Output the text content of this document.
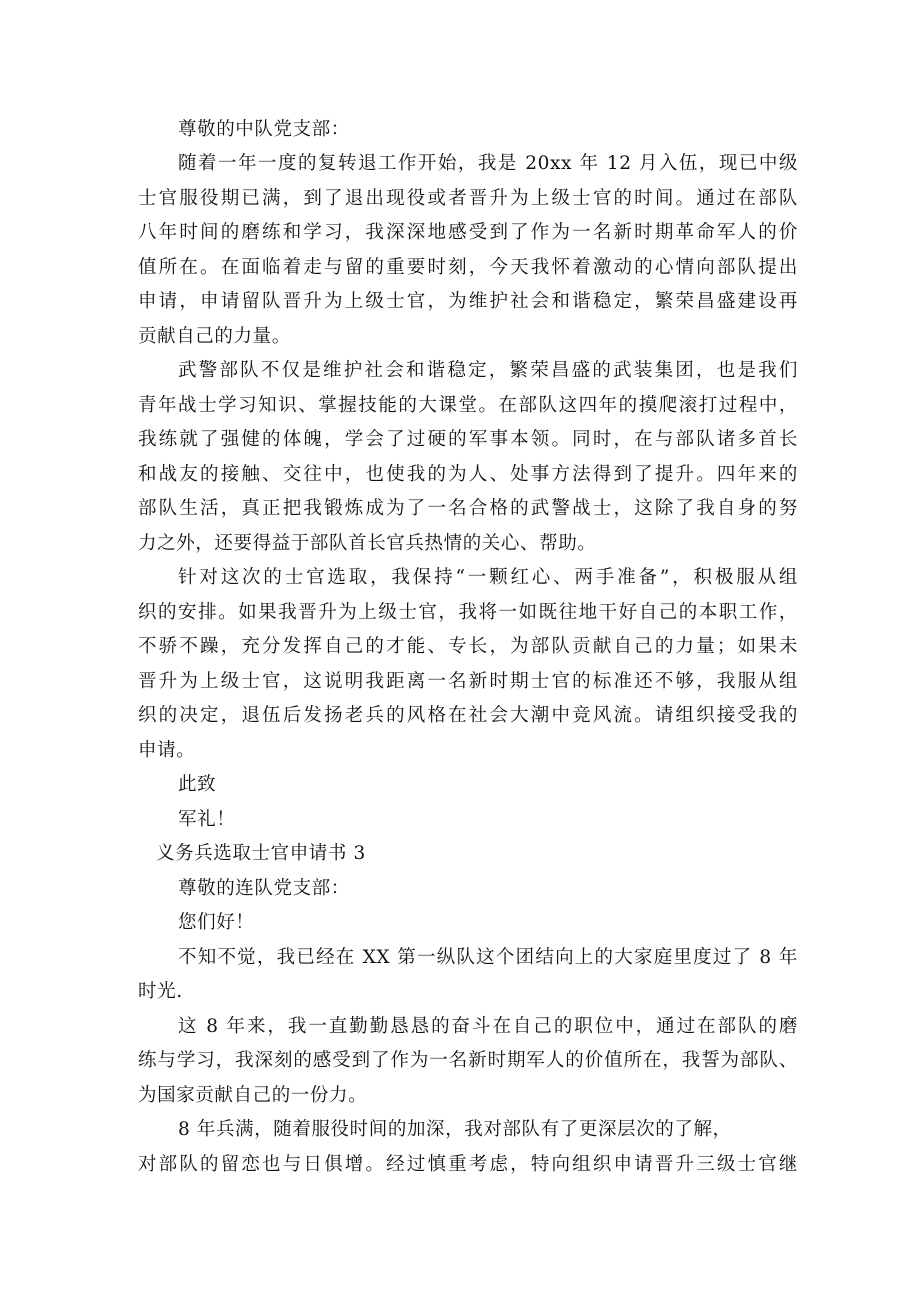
尊敬的中队党支部：
随着一年一度的复转退工作开始，我是 20xx 年 12 月入伍，现已中级
士官服役期已满，到了退出现役或者晋升为上级士官的时间。通过在部队
八年时间的磨练和学习，我深深地感受到了作为一名新时期革命军人的价
值所在。在面临着走与留的重要时刻，今天我怀着激动的心情向部队提出
申请，申请留队晋升为上级士官，为维护社会和谐稳定，繁荣昌盛建设再
贡献自己的力量。
武警部队不仅是维护社会和谐稳定，繁荣昌盛的武装集团，也是我们
青年战士学习知识、掌握技能的大课堂。在部队这四年的摸爬滚打过程中，
我练就了强健的体魄，学会了过硬的军事本领。同时，在与部队诸多首长
和战友的接触、交往中，也使我的为人、处事方法得到了提升。四年来的
部队生活，真正把我锻炼成为了一名合格的武警战士，这除了我自身的努
力之外，还要得益于部队首长官兵热情的关心、帮助。
针对这次的士官选取，我保持“一颗红心、两手准备”，积极服从组
织的安排。如果我晋升为上级士官，我将一如既往地干好自己的本职工作，
不骄不躁，充分发挥自己的才能、专长，为部队贡献自己的力量；如果未
晋升为上级士官，这说明我距离一名新时期士官的标准还不够，我服从组
织的决定，退伍后发扬老兵的风格在社会大潮中竞风流。请组织接受我的
申请。
此致
军礼！
义务兵选取士官申请书 3
尊敬的连队党支部：
您们好！
不知不觉，我已经在 XX 第一纵队这个团结向上的大家庭里度过了 8 年
时光.
这 8 年来，我一直勤勤恳恳的奋斗在自己的职位中，通过在部队的磨
练与学习，我深刻的感受到了作为一名新时期军人的价值所在，我誓为部队、
为国家贡献自己的一份力。
8 年兵满，随着服役时间的加深，我对部队有了更深层次的了解，
对部队的留恋也与日俱增。经过慎重考虑，特向组织申请晋升三级士官继
